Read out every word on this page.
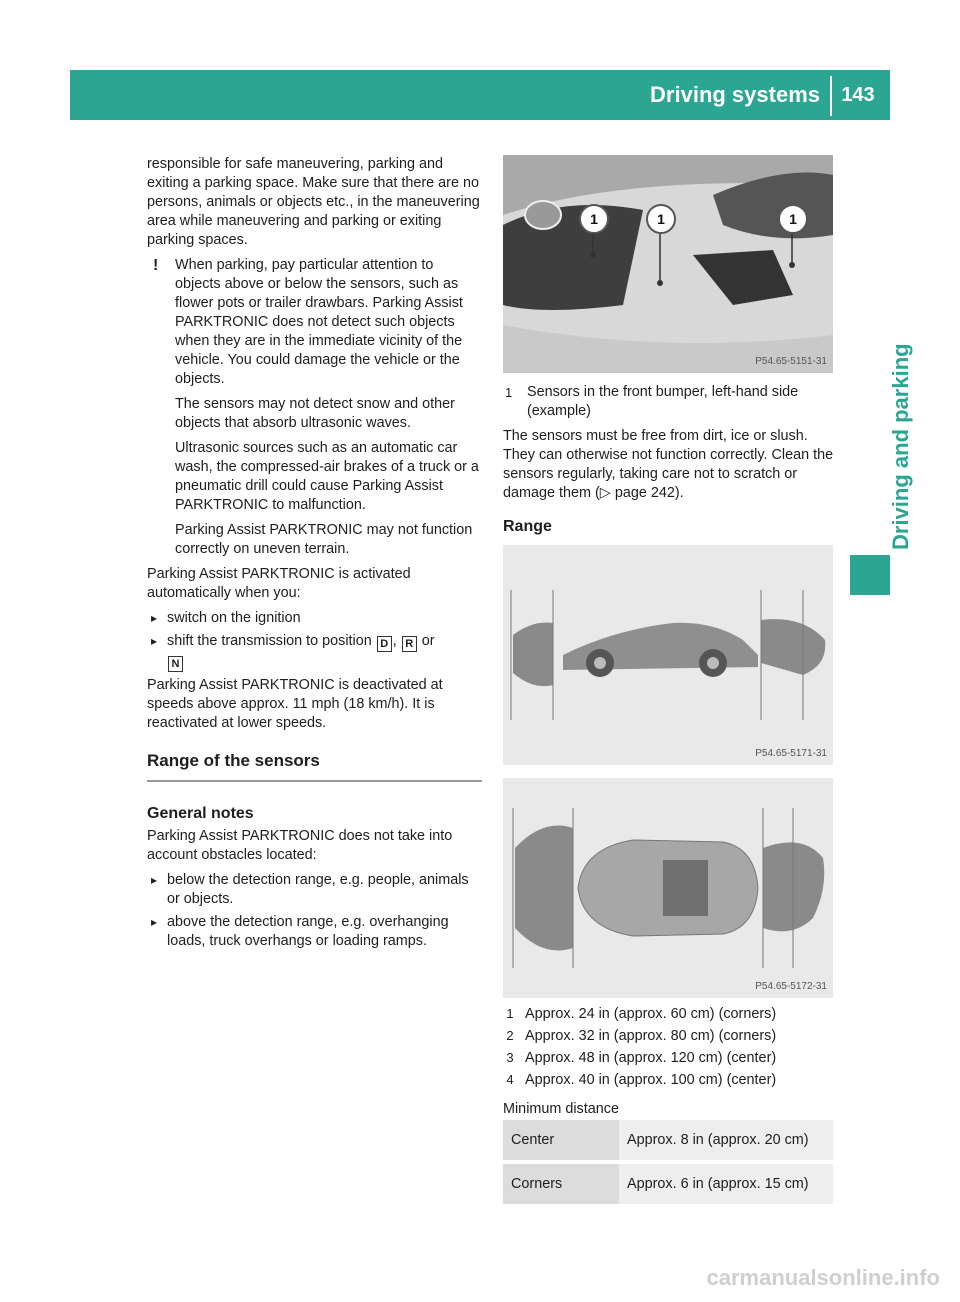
Driving systems 143
Driving and parking

responsible for safe maneuvering, parking and exiting a parking space. Make sure that there are no persons, animals or objects etc., in the maneuvering area while maneuvering and parking or exiting parking spaces.

! When parking, pay particular attention to objects above or below the sensors, such as flower pots or trailer drawbars. Parking Assist PARKTRONIC does not detect such objects when they are in the immediate vicinity of the vehicle. You could damage the vehicle or the objects.

The sensors may not detect snow and other objects that absorb ultrasonic waves.

Ultrasonic sources such as an automatic car wash, the compressed-air brakes of a truck or a pneumatic drill could cause Parking Assist PARKTRONIC to malfunction.

Parking Assist PARKTRONIC may not function correctly on uneven terrain.

Parking Assist PARKTRONIC is activated automatically when you:

▸ switch on the ignition
▸ shift the transmission to position D , R or
N

Parking Assist PARKTRONIC is deactivated at speeds above approx. 11 mph (18 km/h). It is reactivated at lower speeds.

Range of the sensors
General notes

Parking Assist PARKTRONIC does not take into account obstacles located:

▸ below the detection range, e.g. people, animals or objects.
▸ above the detection range, e.g. overhanging loads, truck overhangs or loading ramps.
1	1	1
P54.65-5151-31
1 Sensors in the front bumper, left-hand side (example)

The sensors must be free from dirt, ice or slush. They can otherwise not function correctly. Clean the sensors regularly, taking care not to scratch or damage them (▷ page 242).

Range
P54.65-5171-31
P54.65-5172-31
1 Approx. 24 in (approx. 60 cm) (corners)
2 Approx. 32 in (approx. 80 cm) (corners)
3 Approx. 48 in (approx. 120 cm) (center)
4 Approx. 40 in (approx. 100 cm) (center)
Minimum distance
Center	Approx. 8 in (approx. 20 cm)

Corners	Approx. 6 in (approx. 15 cm)
carmanualsonline.info
